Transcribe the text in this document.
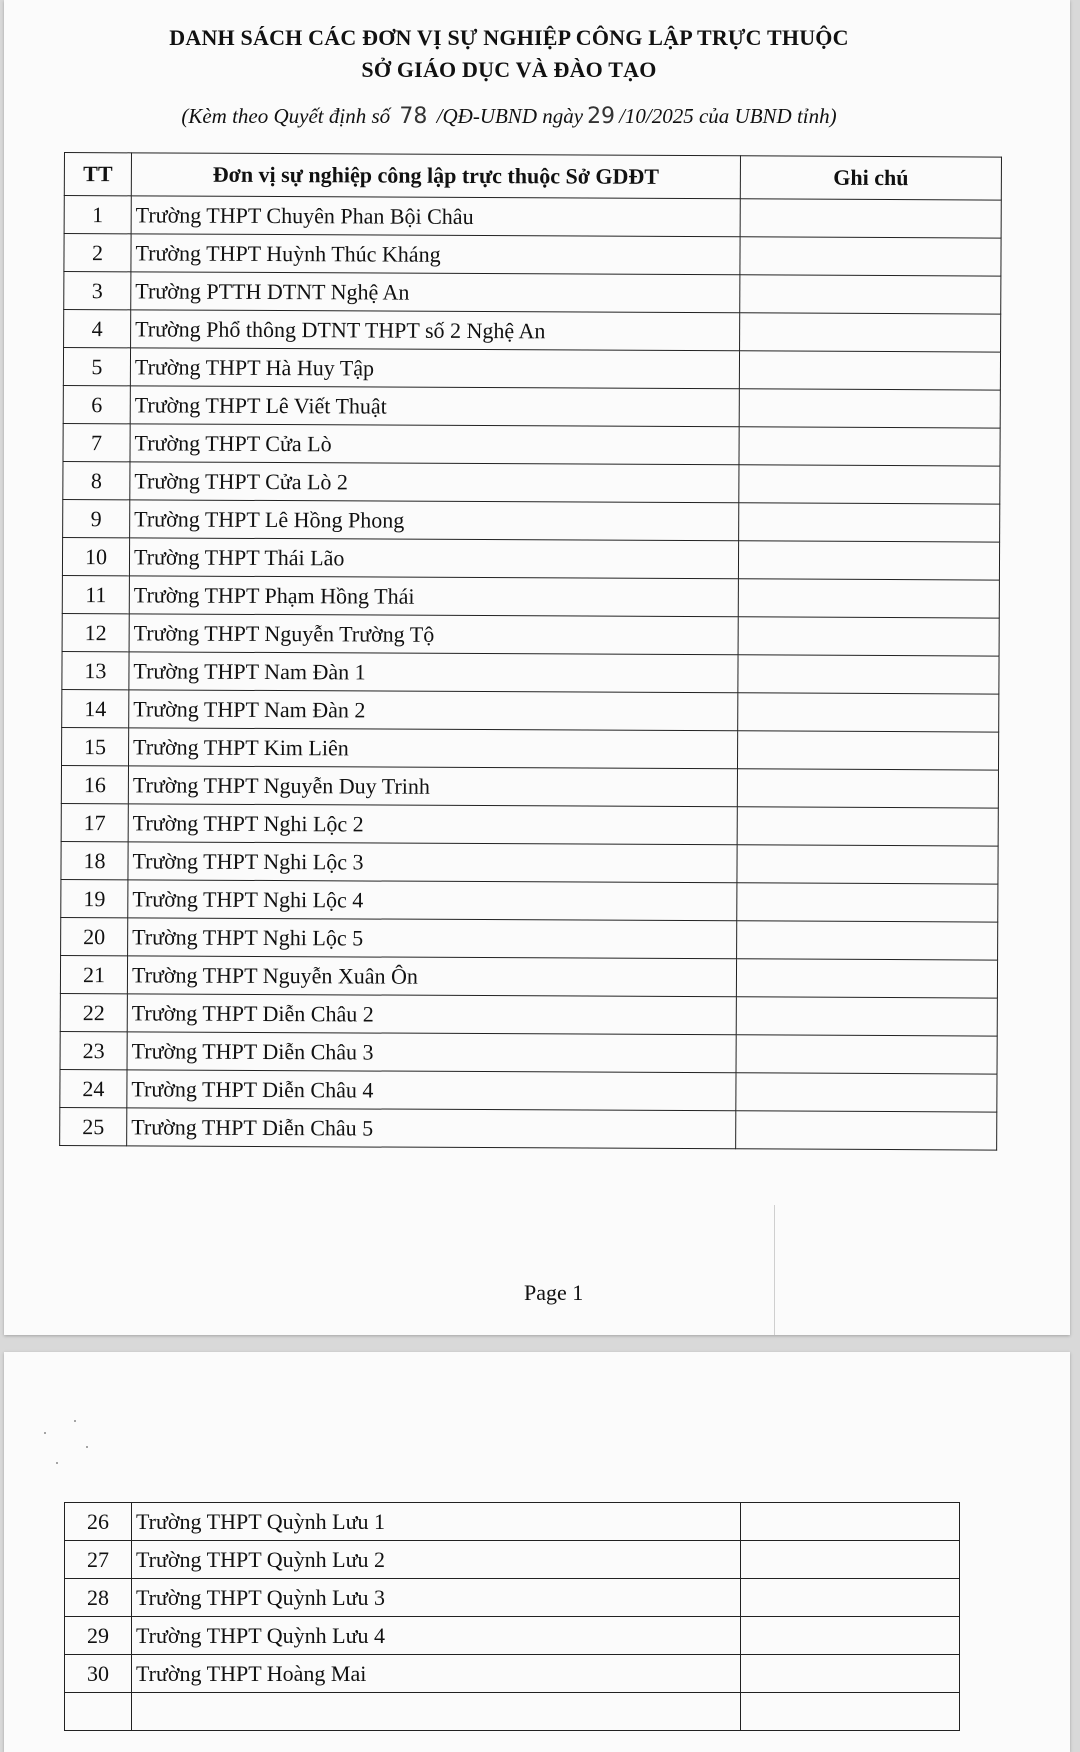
DANH SÁCH CÁC ĐƠN VỊ SỰ NGHIỆP CÔNG LẬP TRỰC THUỘC
SỞ GIÁO DỤC VÀ ĐÀO TẠO
(Kèm theo Quyết định số 78 /QĐ-UBND ngày 29 /10/2025 của UBND tỉnh)
TT	Đơn vị sự nghiệp công lập trực thuộc Sở GDĐT	Ghi chú
1	Trường THPT Chuyên Phan Bội Châu	
2	Trường THPT Huỳnh Thúc Kháng	
3	Trường PTTH DTNT Nghệ An	
4	Trường Phổ thông DTNT THPT số 2 Nghệ An	
5	Trường THPT Hà Huy Tập	
6	Trường THPT Lê Viết Thuật	
7	Trường THPT Cửa Lò	
8	Trường THPT Cửa Lò 2	
9	Trường THPT Lê Hồng Phong	
10	Trường THPT Thái Lão	
11	Trường THPT Phạm Hồng Thái	
12	Trường THPT Nguyễn Trường Tộ	
13	Trường THPT Nam Đàn 1	
14	Trường THPT Nam Đàn 2	
15	Trường THPT Kim Liên	
16	Trường THPT Nguyễn Duy Trinh	
17	Trường THPT Nghi Lộc 2	
18	Trường THPT Nghi Lộc 3	
19	Trường THPT Nghi Lộc 4	
20	Trường THPT Nghi Lộc 5	
21	Trường THPT Nguyễn Xuân Ôn	
22	Trường THPT Diễn Châu 2	
23	Trường THPT Diễn Châu 3	
24	Trường THPT Diễn Châu 4	
25	Trường THPT Diễn Châu 5	
Page 1
26	Trường THPT Quỳnh Lưu 1	
27	Trường THPT Quỳnh Lưu 2	
28	Trường THPT Quỳnh Lưu 3	
29	Trường THPT Quỳnh Lưu 4	
30	Trường THPT Hoàng Mai	
